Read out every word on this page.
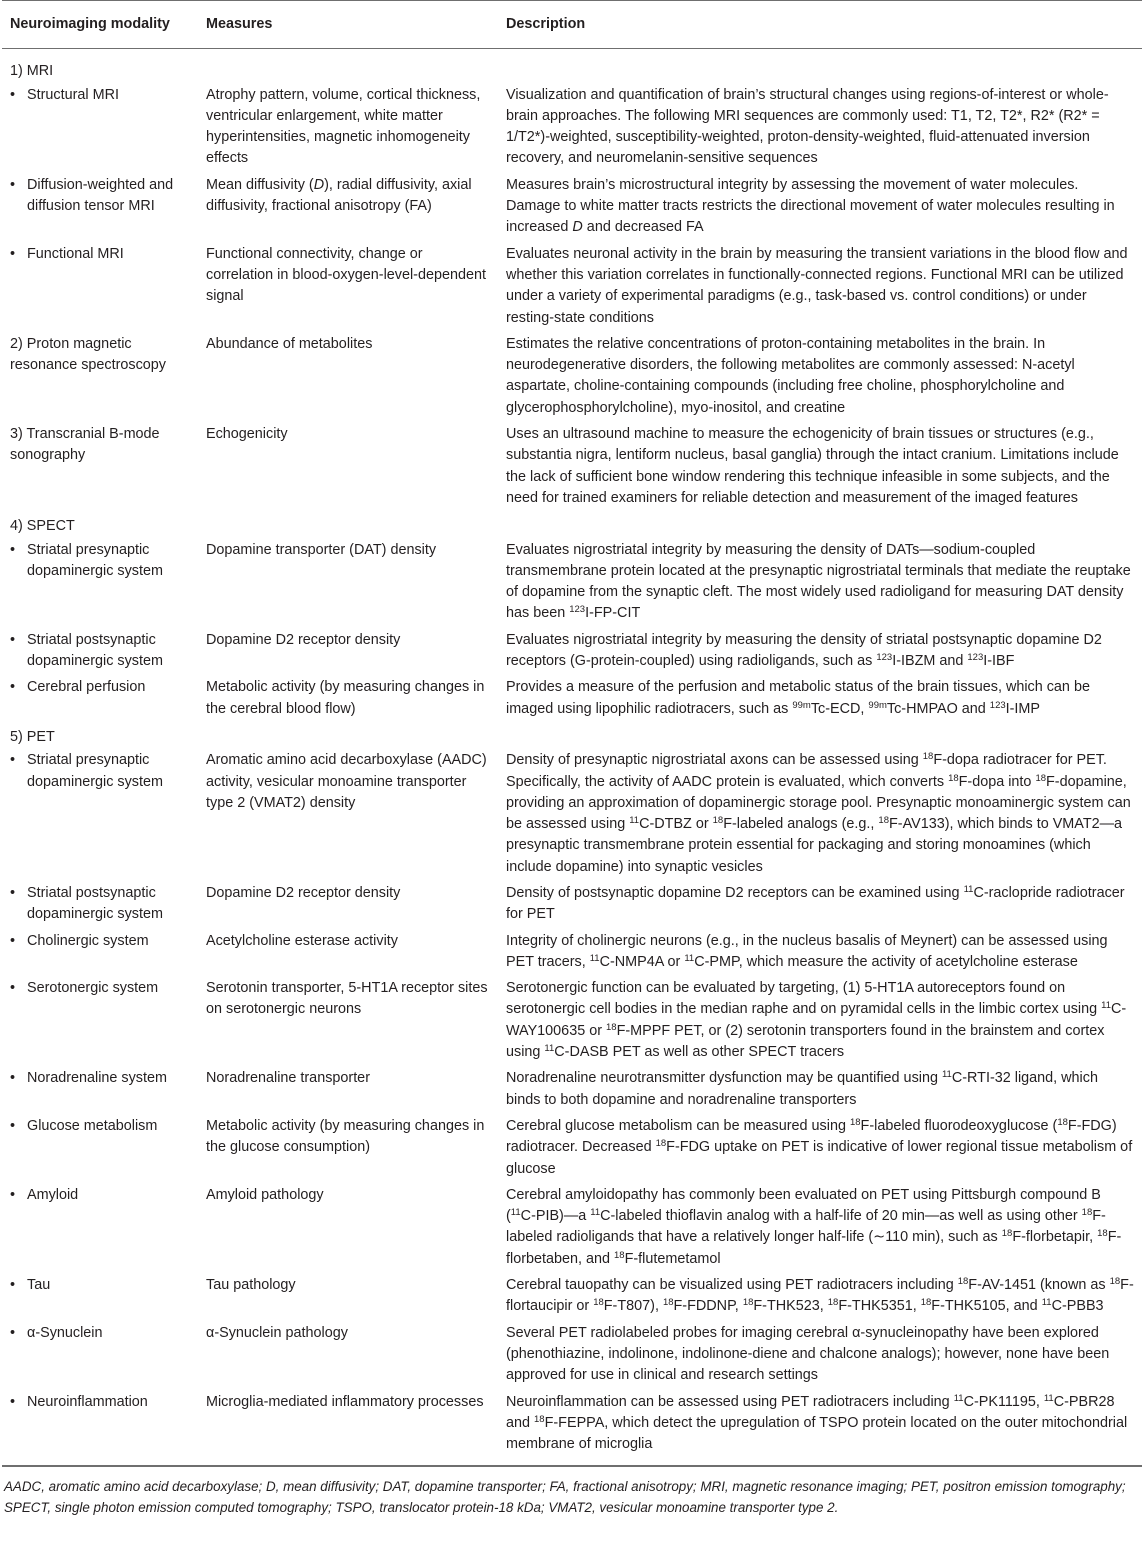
Neuroimaging modality	Measures	Description
1) MRI		

• Structural MRI	Atrophy pattern, volume, cortical thickness, ventricular enlargement, white matter hyperintensities, magnetic inhomogeneity effects	Visualization and quantification of brain’s structural changes using regions-of-interest or whole-brain approaches. The following MRI sequences are commonly used: T1, T2, T2*, R2* (R2* = 1/T2*)-weighted, susceptibility-weighted, proton-density-weighted, fluid-attenuated inversion recovery, and neuromelanin-sensitive sequences

• Diffusion-weighted and diffusion tensor MRI	Mean diffusivity (D), radial diffusivity, axial diffusivity, fractional anisotropy (FA)	Measures brain’s microstructural integrity by assessing the movement of water molecules. Damage to white matter tracts restricts the directional movement of water molecules resulting in increased D and decreased FA

• Functional MRI	Functional connectivity, change or correlation in blood-oxygen-level-dependent signal	Evaluates neuronal activity in the brain by measuring the transient variations in the blood flow and whether this variation correlates in functionally-connected regions. Functional MRI can be utilized under a variety of experimental paradigms (e.g., task-based vs. control conditions) or under resting-state conditions
2) Proton magnetic resonance spectroscopy	Abundance of metabolites	Estimates the relative concentrations of proton-containing metabolites in the brain. In neurodegenerative disorders, the following metabolites are commonly assessed: N-acetyl aspartate, choline-containing compounds (including free choline, phosphorylcholine and glycerophosphorylcholine), myo-inositol, and creatine
3) Transcranial B-mode sonography	Echogenicity	Uses an ultrasound machine to measure the echogenicity of brain tissues or structures (e.g., substantia nigra, lentiform nucleus, basal ganglia) through the intact cranium. Limitations include the lack of sufficient bone window rendering this technique infeasible in some subjects, and the need for trained examiners for reliable detection and measurement of the imaged features
4) SPECT		

• Striatal presynaptic dopaminergic system	Dopamine transporter (DAT) density	Evaluates nigrostriatal integrity by measuring the density of DATs—sodium-coupled transmembrane protein located at the presynaptic nigrostriatal terminals that mediate the reuptake of dopamine from the synaptic cleft. The most widely used radioligand for measuring DAT density has been $^{123}$I-FP-CIT

• Striatal postsynaptic dopaminergic system	Dopamine D2 receptor density	Evaluates nigrostriatal integrity by measuring the density of striatal postsynaptic dopamine D2 receptors (G-protein-coupled) using radioligands, such as $^{123}$I-IBZM and $^{123}$I-IBF

• Cerebral perfusion	Metabolic activity (by measuring changes in the cerebral blood flow)	Provides a measure of the perfusion and metabolic status of the brain tissues, which can be imaged using lipophilic radiotracers, such as $^{99m}$Tc-ECD, $^{99m}$Tc-HMPAO and $^{123}$I-IMP
5) PET		

• Striatal presynaptic dopaminergic system	Aromatic amino acid decarboxylase (AADC) activity, vesicular monoamine transporter type 2 (VMAT2) density	Density of presynaptic nigrostriatal axons can be assessed using $^{18}$F-dopa radiotracer for PET. Specifically, the activity of AADC protein is evaluated, which converts $^{18}$F-dopa into $^{18}$F-dopamine, providing an approximation of dopaminergic storage pool. Presynaptic monoaminergic system can be assessed using $^{11}$C-DTBZ or $^{18}$F-labeled analogs (e.g., $^{18}$F-AV133), which binds to VMAT2—a presynaptic transmembrane protein essential for packaging and storing monoamines (which include dopamine) into synaptic vesicles

• Striatal postsynaptic dopaminergic system	Dopamine D2 receptor density	Density of postsynaptic dopamine D2 receptors can be examined using $^{11}$C-raclopride radiotracer for PET

• Cholinergic system	Acetylcholine esterase activity	Integrity of cholinergic neurons (e.g., in the nucleus basalis of Meynert) can be assessed using PET tracers, $^{11}$C-NMP4A or $^{11}$C-PMP, which measure the activity of acetylcholine esterase

• Serotonergic system	Serotonin transporter, 5-HT1A receptor sites on serotonergic neurons	Serotonergic function can be evaluated by targeting, (1) 5-HT1A autoreceptors found on serotonergic cell bodies in the median raphe and on pyramidal cells in the limbic cortex using $^{11}$C-WAY100635 or $^{18}$F-MPPF PET, or (2) serotonin transporters found in the brainstem and cortex using $^{11}$C-DASB PET as well as other SPECT tracers

• Noradrenaline system	Noradrenaline transporter	Noradrenaline neurotransmitter dysfunction may be quantified using $^{11}$C-RTI-32 ligand, which binds to both dopamine and noradrenaline transporters

• Glucose metabolism	Metabolic activity (by measuring changes in the glucose consumption)	Cerebral glucose metabolism can be measured using $^{18}$F-labeled fluorodeoxyglucose ($^{18}$F-FDG) radiotracer. Decreased $^{18}$F-FDG uptake on PET is indicative of lower regional tissue metabolism of glucose

• Amyloid	Amyloid pathology	Cerebral amyloidopathy has commonly been evaluated on PET using Pittsburgh compound B ($^{11}$C-PIB)—a $^{11}$C-labeled thioflavin analog with a half-life of 20 min—as well as using other $^{18}$F-labeled radioligands that have a relatively longer half-life (∼110 min), such as $^{18}$F-florbetapir, $^{18}$F-florbetaben, and $^{18}$F-flutemetamol

• Tau	Tau pathology	Cerebral tauopathy can be visualized using PET radiotracers including $^{18}$F-AV-1451 (known as $^{18}$F-flortaucipir or $^{18}$F-T807), $^{18}$F-FDDNP, $^{18}$F-THK523, $^{18}$F-THK5351, $^{18}$F-THK5105, and $^{11}$C-PBB3

• α-Synuclein	α-Synuclein pathology	Several PET radiolabeled probes for imaging cerebral α-synucleinopathy have been explored (phenothiazine, indolinone, indolinone-diene and chalcone analogs); however, none have been approved for use in clinical and research settings

• Neuroinflammation	Microglia-mediated inflammatory processes	Neuroinflammation can be assessed using PET radiotracers including $^{11}$C-PK11195, $^{11}$C-PBR28 and $^{18}$F-FEPPA, which detect the upregulation of TSPO protein located on the outer mitochondrial membrane of microglia
AADC, aromatic amino acid decarboxylase; D, mean diffusivity; DAT, dopamine transporter; FA, fractional anisotropy; MRI, magnetic resonance imaging; PET, positron emission tomography; SPECT, single photon emission computed tomography; TSPO, translocator protein-18 kDa; VMAT2, vesicular monoamine transporter type 2.
